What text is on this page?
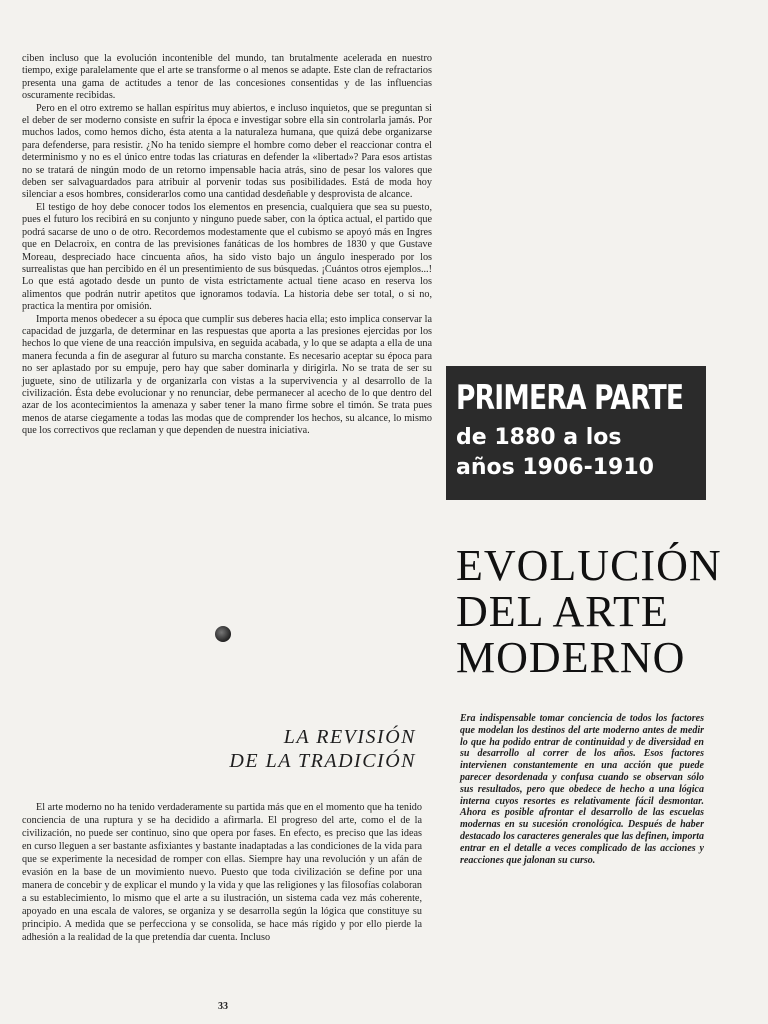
ciben incluso que la evolución incontenible del mundo, tan brutalmente acelerada en nuestro tiempo, exige paralelamente que el arte se transforme o al menos se adapte. Este clan de refractarios presenta una gama de actitudes a tenor de las concesiones consentidas y de las influencias oscuramente recibidas.

Pero en el otro extremo se hallan espíritus muy abiertos, e incluso inquietos, que se preguntan si el deber de ser moderno consiste en sufrir la época e investigar sobre ella sin controlarla jamás. Por muchos lados, como hemos dicho, ésta atenta a la naturaleza humana, que quizá debe organizarse para defenderse, para resistir. ¿No ha tenido siempre el hombre como deber el reaccionar contra el determinismo y no es el único entre todas las criaturas en defender la «libertad»? Para esos artistas no se tratará de ningún modo de un retorno impensable hacia atrás, sino de pesar los valores que deben ser salvaguardados para atribuir al porvenir todas sus posibilidades. Está de moda hoy silenciar a esos hombres, considerarlos como una cantidad desdeñable y desprovista de alcance.

El testigo de hoy debe conocer todos los elementos en presencia, cualquiera que sea su puesto, pues el futuro los recibirá en su conjunto y ninguno puede saber, con la óptica actual, el partido que podrá sacarse de uno o de otro. Recordemos modestamente que el cubismo se apoyó más en Ingres que en Delacroix, en contra de las previsiones fanáticas de los hombres de 1830 y que Gustave Moreau, despreciado hace cincuenta años, ha sido visto bajo un ángulo inesperado por los surrealistas que han percibido en él un presentimiento de sus búsquedas. ¡Cuántos otros ejemplos...! Lo que está agotado desde un punto de vista estrictamente actual tiene acaso en reserva los alimentos que podrán nutrir apetitos que ignoramos todavía. La historia debe ser total, o si no, practica la mentira por omisión.

Importa menos obedecer a su época que cumplir sus deberes hacia ella; esto implica conservar la capacidad de juzgarla, de determinar en las respuestas que aporta a las presiones ejercidas por los hechos lo que viene de una reacción impulsiva, en seguida acabada, y lo que se adapta a ella de una manera fecunda a fin de asegurar al futuro su marcha constante. Es necesario aceptar su época para no ser aplastado por su empuje, pero hay que saber dominarla y dirigirla. No se trata de ser su juguete, sino de utilizarla y de organizarla con vistas a la supervivencia y al desarrollo de la civilización. Ésta debe evolucionar y no renunciar, debe permanecer al acecho de lo que dentro del azar de los acontecimientos la amenaza y saber tener la mano firme sobre el timón. Se trata pues menos de atarse ciegamente a todas las modas que de comprender los hechos, su alcance, lo mismo que los correctivos que reclaman y que dependen de nuestra iniciativa.

PRIMERA PARTE
de 1880 a los
años 1906-1910
EVOLUCIÓN
DEL ARTE
MODERNO
LA REVISIÓN
DE LA TRADICIÓN
Era indispensable tomar conciencia de todos los factores que modelan los destinos del arte moderno antes de medir lo que ha podido entrar de continuidad y de diversidad en su desarrollo al correr de los años. Esos factores intervienen constantemente en una acción que puede parecer desordenada y confusa cuando se observan sólo sus resultados, pero que obedece de hecho a una lógica interna cuyos resortes es relativamente fácil desmontar. Ahora es posible afrontar el desarrollo de las escuelas modernas en su sucesión cronológica. Después de haber destacado los caracteres generales que las definen, importa entrar en el detalle a veces complicado de las acciones y reacciones que jalonan su curso.

El arte moderno no ha tenido verdaderamente su partida más que en el momento que ha tenido conciencia de una ruptura y se ha decidido a afirmarla. El progreso del arte, como el de la civilización, no puede ser continuo, sino que opera por fases. En efecto, es preciso que las ideas en curso lleguen a ser bastante asfixiantes y bastante inadaptadas a las condiciones de la vida para que se experimente la necesidad de romper con ellas. Siempre hay una revolución y un afán de evasión en la base de un movimiento nuevo. Puesto que toda civilización se define por una manera de concebir y de explicar el mundo y la vida y que las religiones y las filosofías colaboran a su establecimiento, lo mismo que el arte a su ilustración, un sistema cada vez más coherente, apoyado en una escala de valores, se organiza y se desarrolla según la lógica que constituye su principio. A medida que se perfecciona y se consolida, se hace más rígido y por ello pierde la adhesión a la realidad de la que pretendía dar cuenta. Incluso

33
